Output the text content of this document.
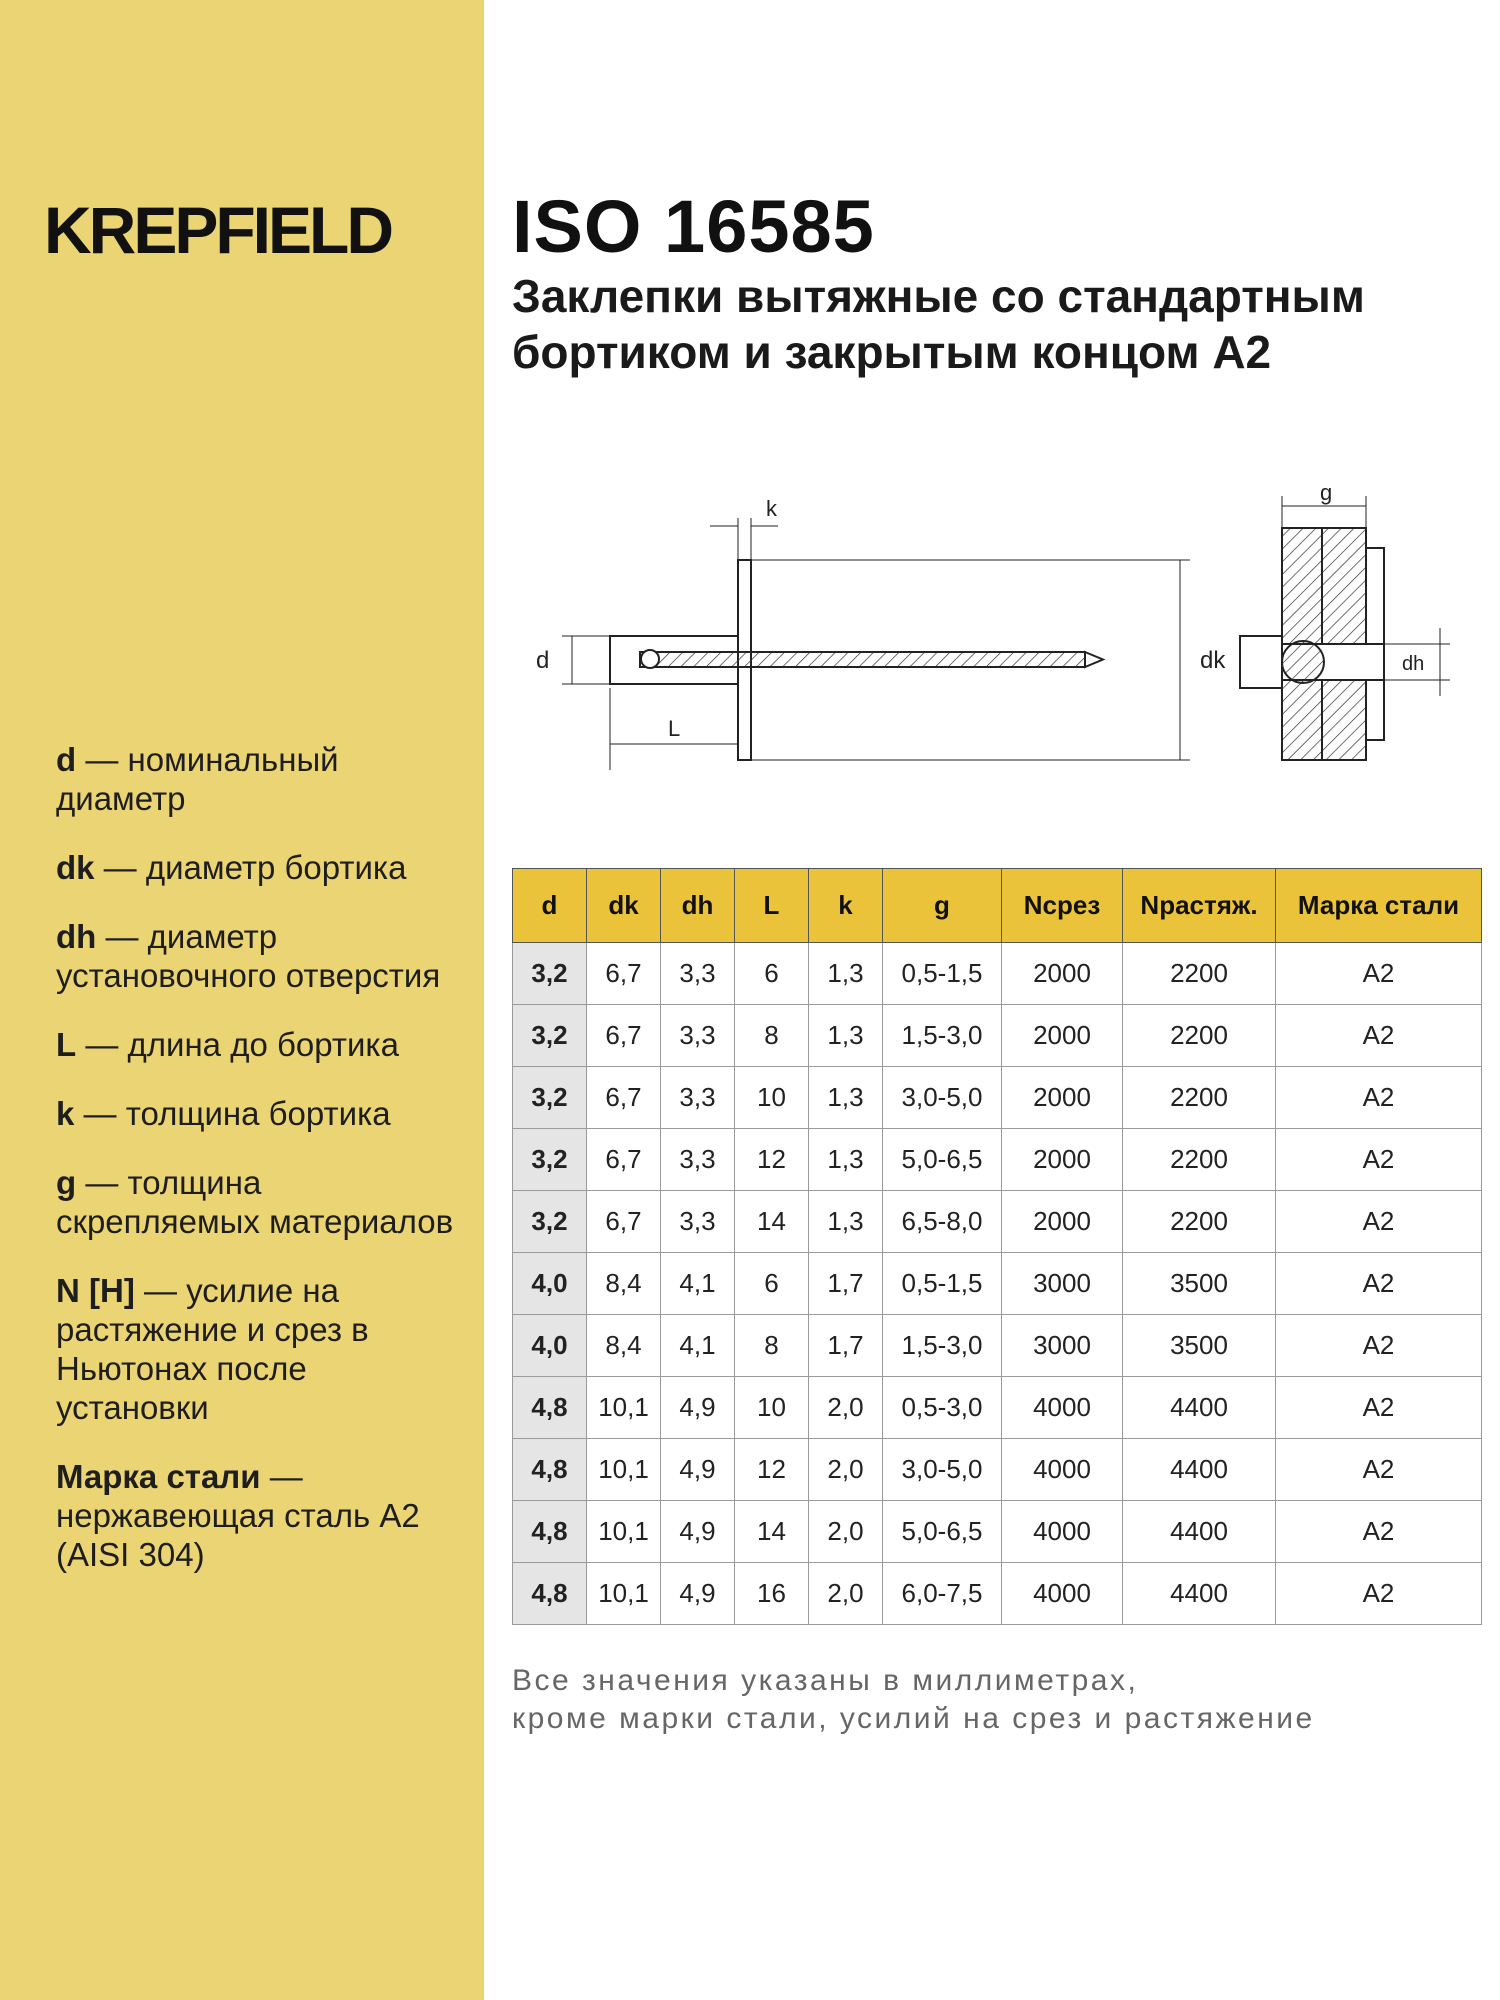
KREPFIELD
d — номинальный диаметр
dk — диаметр бортика
dh — диаметр установочного отверстия
L — длина до бортика
k — толщина бортика
g — толщина скрепляемых материалов
N [H] — усилие на растяжение и срез в Ньютонах после установки
Марка стали — нержавеющая сталь А2 (AISI 304)
ISO 16585
Заклепки вытяжные со стандартным
бортиком и закрытым концом А2
k
d
L
dk
g
dh
d	dk	dh	L	k	g	Nсрез	Nрастяж.	Марка стали
3,2	6,7	3,3	6	1,3	0,5-1,5	2000	2200	A2
3,2	6,7	3,3	8	1,3	1,5-3,0	2000	2200	A2
3,2	6,7	3,3	10	1,3	3,0-5,0	2000	2200	A2
3,2	6,7	3,3	12	1,3	5,0-6,5	2000	2200	A2
3,2	6,7	3,3	14	1,3	6,5-8,0	2000	2200	A2
4,0	8,4	4,1	6	1,7	0,5-1,5	3000	3500	A2
4,0	8,4	4,1	8	1,7	1,5-3,0	3000	3500	A2
4,8	10,1	4,9	10	2,0	0,5-3,0	4000	4400	A2
4,8	10,1	4,9	12	2,0	3,0-5,0	4000	4400	A2
4,8	10,1	4,9	14	2,0	5,0-6,5	4000	4400	A2
4,8	10,1	4,9	16	2,0	6,0-7,5	4000	4400	A2
Все значения указаны в миллиметрах,
кроме марки стали, усилий на срез и растяжение
